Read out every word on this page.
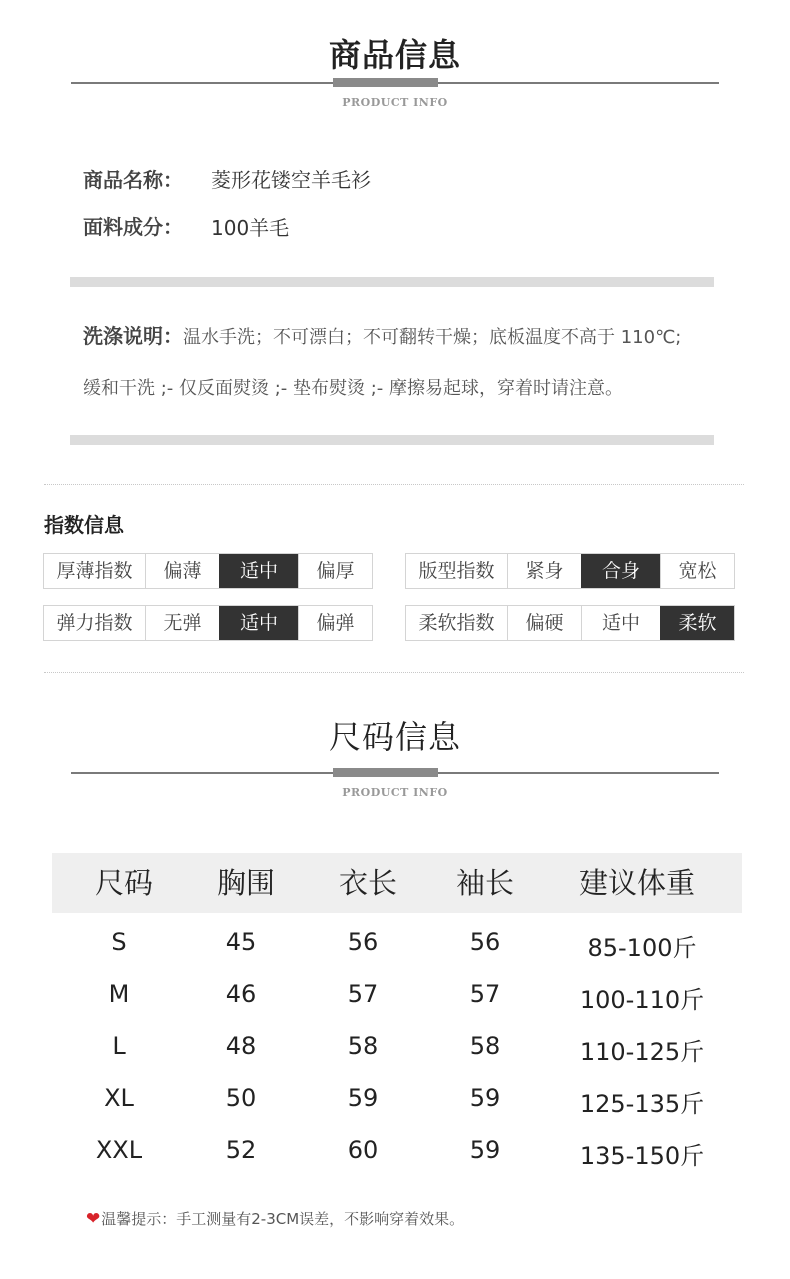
商品信息
PRODUCT INFO
商品名称： 菱形花镂空羊毛衫
面料成分： 100羊毛
洗涤说明：温水手洗；不可漂白；不可翻转干燥；底板温度不高于 110℃;
缓和干洗 ;- 仅反面熨烫 ;- 垫布熨烫 ;- 摩擦易起球，穿着时请注意。
指数信息
厚薄指数	偏薄	适中	偏厚	版型指数	紧身	合身	宽松
弹力指数	无弹	适中	偏弹	柔软指数	偏硬	适中	柔软
尺码信息
PRODUCT INFO
尺码	胸围	衣长	袖长	建议体重
S	45	56	56	85-100斤
M	46	57	57	100-110斤
L	48	58	58	110-125斤
XL	50	59	59	125-135斤
XXL	52	60	59	135-150斤
❤ 温馨提示：手工测量有2-3CM误差，不影响穿着效果。
